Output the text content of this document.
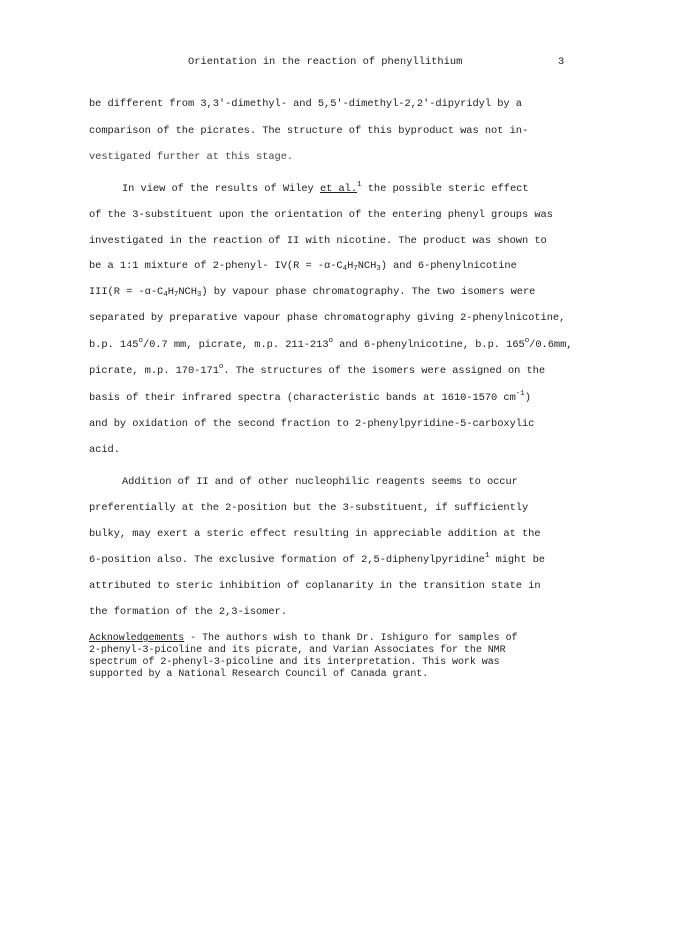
Orientation in the reaction of phenyllithium	3
be different from 3,3'-dimethyl- and 5,5'-dimethyl-2,2'-dipyridyl by a
comparison of the picrates. The structure of this byproduct was not in-
vestigated further at this stage.
In view of the results of Wiley et al.$^1$ the possible steric effect
of the 3-substituent upon the orientation of the entering phenyl groups was
investigated in the reaction of II with nicotine. The product was shown to
be a 1:1 mixture of 2-phenyl- $IV(R = -\alpha-C_4H_7NCH_3)$ and 6-phenylnicotine
$III(R = -\alpha-C_4H_7NCH_3)$ by vapour phase chromatography. The two isomers were
separated by preparative vapour phase chromatography giving 2-phenylnicotine,
b.p. 145$^o$/0.7 mm, picrate, m.p. 211-213$^o$ and 6-phenylnicotine, b.p. 165$^o$/0.6mm,
picrate, m.p. 170-171$^o$. The structures of the isomers were assigned on the
basis of their infrared spectra (characteristic bands at 1610-1570 $cm^{-1}$)
and by oxidation of the second fraction to 2-phenylpyridine-5-carboxylic
acid.
Addition of II and of other nucleophilic reagents seems to occur
preferentially at the 2-position but the 3-substituent, if sufficiently
bulky, may exert a steric effect resulting in appreciable addition at the
6-position also. The exclusive formation of 2,5-diphenylpyridine$^1$ might be
attributed to steric inhibition of coplanarity in the transition state in
the formation of the 2,3-isomer.
Acknowledgements - The authors wish to thank Dr. Ishiguro for samples of
2-phenyl-3-picoline and its picrate, and Varian Associates for the NMR
spectrum of 2-phenyl-3-picoline and its interpretation. This work was
supported by a National Research Council of Canada grant.
